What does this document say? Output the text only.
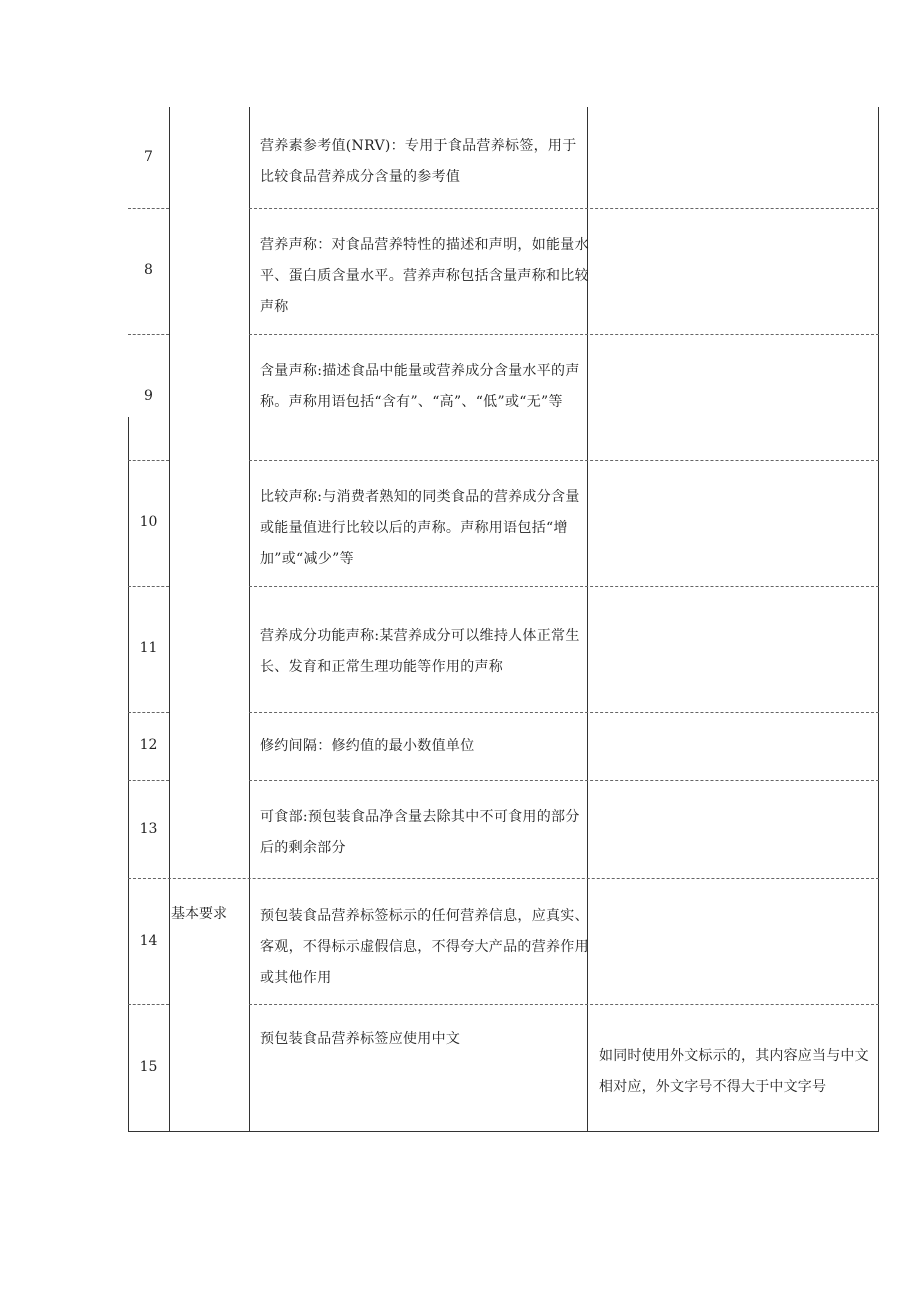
7
营养素参考值(NRV)：专用于食品营养标签，用于比较食品营养成分含量的参考值
8
营养声称：对食品营养特性的描述和声明，如能量水平、蛋白质含量水平。营养声称包括含量声称和比较声称
9
含量声称:描述食品中能量或营养成分含量水平的声称。声称用语包括“含有”、“高”、“低”或“无”等
10
比较声称:与消费者熟知的同类食品的营养成分含量或能量值进行比较以后的声称。声称用语包括“增加”或“减少”等
11
营养成分功能声称:某营养成分可以维持人体正常生长、发育和正常生理功能等作用的声称
12	修约间隔：修约值的最小数值单位
13
可食部:预包装食品净含量去除其中不可食用的部分后的剩余部分
基本要求
14
预包装食品营养标签标示的任何营养信息，应真实、客观，不得标示虚假信息，不得夸大产品的营养作用或其他作用
15
预包装食品营养标签应使用中文
如同时使用外文标示的，其内容应当与中文相对应，外文字号不得大于中文字号
